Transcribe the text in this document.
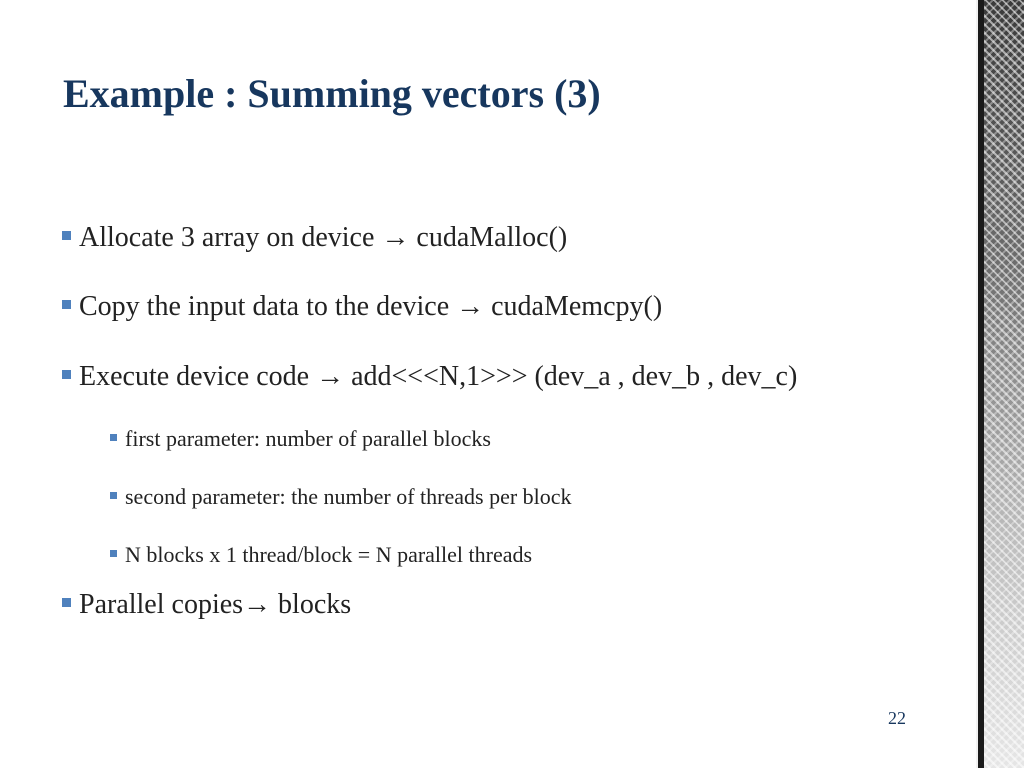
Example : Summing vectors (3)
Allocate 3 array on device → cudaMalloc()
Copy the input data to the device → cudaMemcpy()
Execute device code → add<<<N,1>>> (dev_a , dev_b , dev_c)
first parameter: number of parallel blocks
second parameter: the number of threads per block
N blocks x 1 thread/block = N parallel threads
Parallel copies→ blocks
22
